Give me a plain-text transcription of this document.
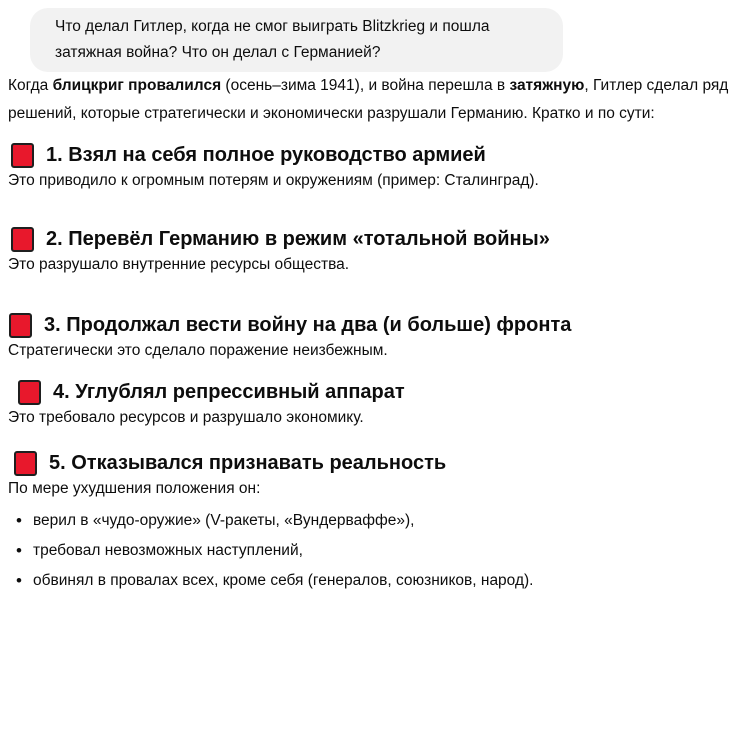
Что делал Гитлер, когда не смог выиграть Blitzkrieg и пошла
затяжная война? Что он делал с Германией?

Когда блицкриг провалился (осень–зима 1941), и война перешла в затяжную, Гитлер сделал ряд
решений, которые стратегически и экономически разрушали Германию. Кратко и по сути:

1. Взял на себя полное руководство армией

Это приводило к огромным потерям и окружениям (пример: Сталинград).

2. Перевёл Германию в режим «тотальной войны»

Это разрушало внутренние ресурсы общества.

3. Продолжал вести войну на два (и больше) фронта

Стратегически это сделало поражение неизбежным.

4. Углублял репрессивный аппарат

Это требовало ресурсов и разрушало экономику.

5. Отказывался признавать реальность

По мере ухудшения положения он:

• верил в «чудо-оружие» (V-ракеты, «Вундерваффе»),
• требовал невозможных наступлений,
• обвинял в провалах всех, кроме себя (генералов, союзников, народ).
